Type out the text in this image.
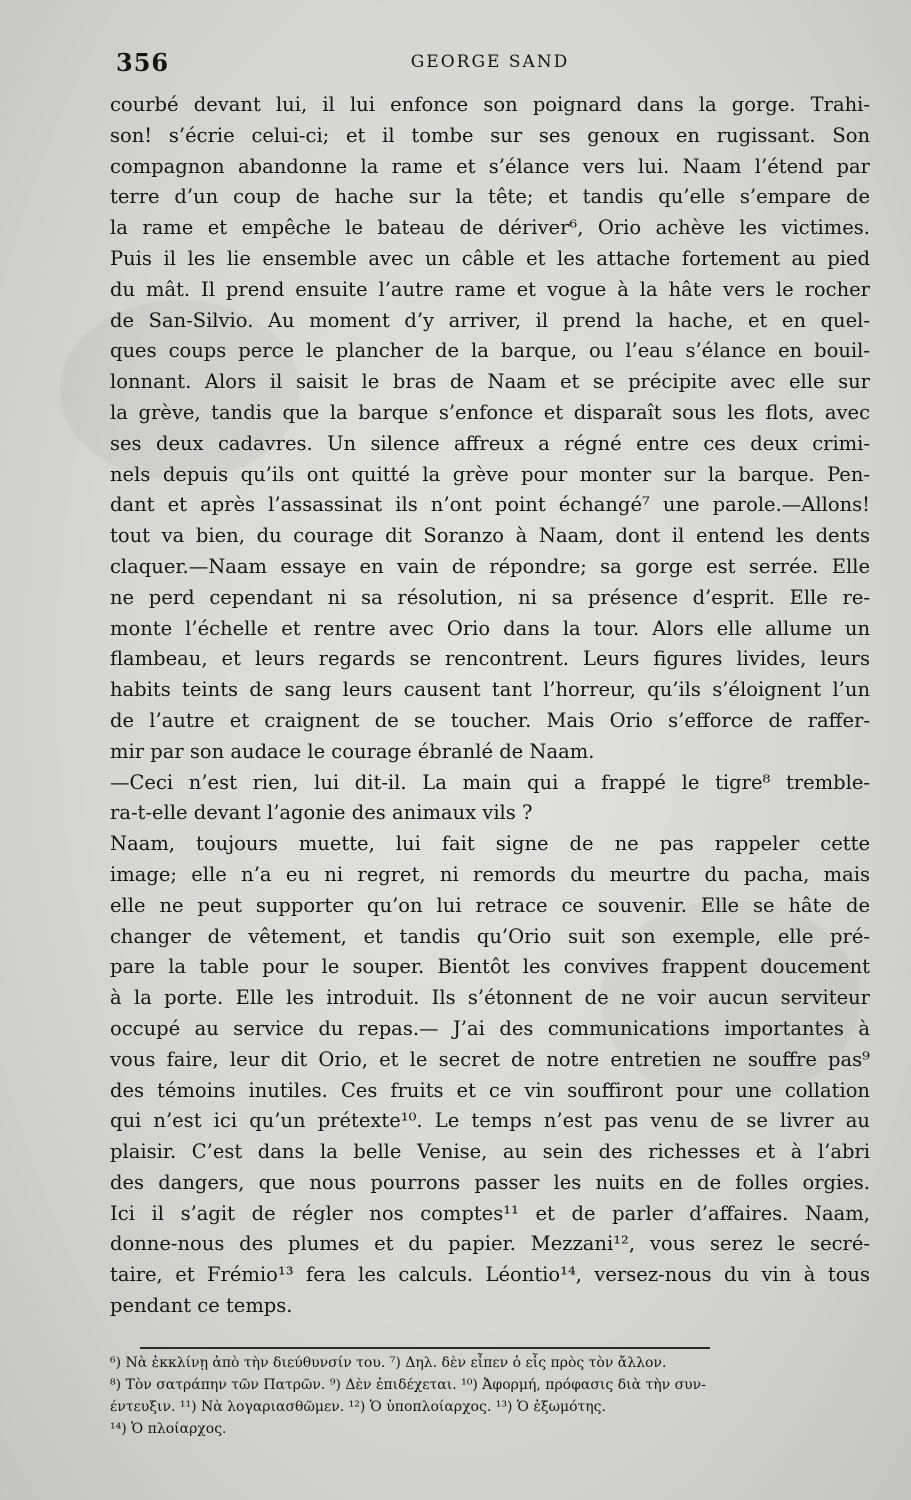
356	GEORGE SAND
courbé devant lui, il lui enfonce son poignard dans la gorge. Trahi-
son! s’écrie celui-ci; et il tombe sur ses genoux en rugissant. Son
compagnon abandonne la rame et s’élance vers lui. Naam l’étend par
terre d’un coup de hache sur la tête; et tandis qu’elle s’empare de
la rame et empêche le bateau de dériver⁶, Orio achève les victimes.
Puis il les lie ensemble avec un câble et les attache fortement au pied
du mât. Il prend ensuite l’autre rame et vogue à la hâte vers le rocher
de San-Silvio. Au moment d’y arriver, il prend la hache, et en quel-
ques coups perce le plancher de la barque, ou l’eau s’élance en bouil-
lonnant. Alors il saisit le bras de Naam et se précipite avec elle sur
la grève, tandis que la barque s’enfonce et disparaît sous les flots, avec
ses deux cadavres. Un silence affreux a régné entre ces deux crimi-
nels depuis qu’ils ont quitté la grève pour monter sur la barque. Pen-
dant et après l’assassinat ils n’ont point échangé⁷ une parole.—Allons!
tout va bien, du courage dit Soranzo à Naam, dont il entend les dents
claquer.—Naam essaye en vain de répondre; sa gorge est serrée. Elle
ne perd cependant ni sa résolution, ni sa présence d’esprit. Elle re-
monte l’échelle et rentre avec Orio dans la tour. Alors elle allume un
flambeau, et leurs regards se rencontrent. Leurs figures livides, leurs
habits teints de sang leurs causent tant l’horreur, qu’ils s’éloignent l’un
de l’autre et craignent de se toucher. Mais Orio s’efforce de raffer-
mir par son audace le courage ébranlé de Naam.
—Ceci n’est rien, lui dit-il. La main qui a frappé le tigre⁸ tremble-
ra-t-elle devant l’agonie des animaux vils ?
Naam, toujours muette, lui fait signe de ne pas rappeler cette
image; elle n’a eu ni regret, ni remords du meurtre du pacha, mais
elle ne peut supporter qu’on lui retrace ce souvenir. Elle se hâte de
changer de vêtement, et tandis qu’Orio suit son exemple, elle pré-
pare la table pour le souper. Bientôt les convives frappent doucement
à la porte. Elle les introduit. Ils s’étonnent de ne voir aucun serviteur
occupé au service du repas.— J’ai des communications importantes à
vous faire, leur dit Orio, et le secret de notre entretien ne souffre pas⁹
des témoins inutiles. Ces fruits et ce vin souffiront pour une collation
qui n’est ici qu’un prétexte¹⁰. Le temps n’est pas venu de se livrer au
plaisir. C’est dans la belle Venise, au sein des richesses et à l’abri
des dangers, que nous pourrons passer les nuits en de folles orgies.
Ici il s’agit de régler nos comptes¹¹ et de parler d’affaires. Naam,
donne-nous des plumes et du papier. Mezzani¹², vous serez le secré-
taire, et Frémio¹³ fera les calculs. Léontio¹⁴, versez-nous du vin à tous
pendant ce temps.
⁶) Νὰ ἐκκλίνῃ ἀπὸ τὴν διεύθυνσίν του. ⁷) Δηλ. δὲν εἶπεν ὁ εἷς πρὸς τὸν ἄλλον.
⁸) Τὸν σατράπην τῶν Πατρῶν. ⁹) Δὲν ἐπιδέχεται. ¹⁰) Ἀφορμή, πρόφασις διὰ τὴν συν-
έντευξιν. ¹¹) Νὰ λογαριασθῶμεν. ¹²) Ὁ ὑποπλοίαρχος. ¹³) Ὁ ἐξωμότης.
¹⁴) Ὁ πλοίαρχος.
